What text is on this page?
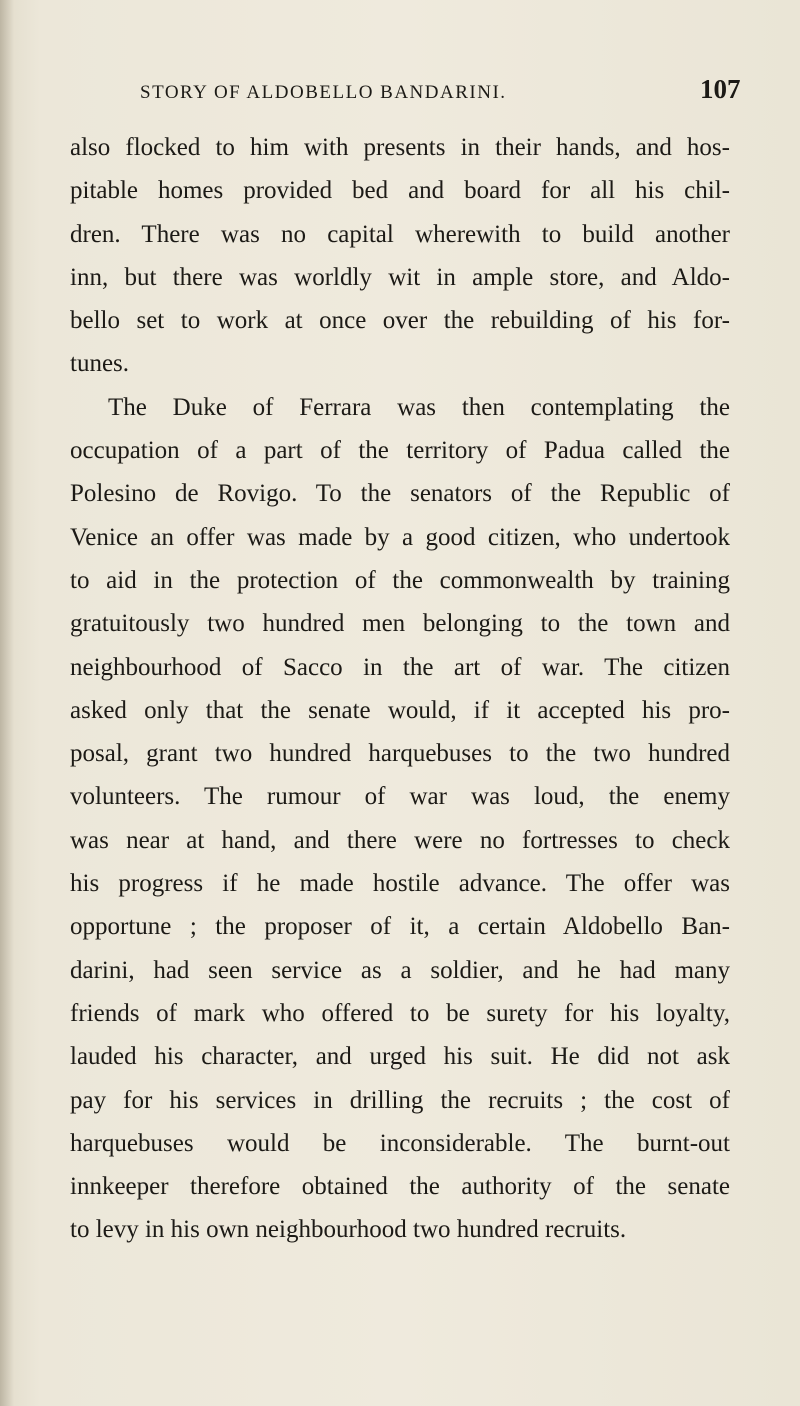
STORY OF ALDOBELLO BANDARINI.	107
also flocked to him with presents in their hands, and hos-
pitable homes provided bed and board for all his chil-
dren. There was no capital wherewith to build another
inn, but there was worldly wit in ample store, and Aldo-
bello set to work at once over the rebuilding of his for-
tunes.
The Duke of Ferrara was then contemplating the
occupation of a part of the territory of Padua called the
Polesino de Rovigo. To the senators of the Republic of
Venice an offer was made by a good citizen, who undertook
to aid in the protection of the commonwealth by training
gratuitously two hundred men belonging to the town and
neighbourhood of Sacco in the art of war. The citizen
asked only that the senate would, if it accepted his pro-
posal, grant two hundred harquebuses to the two hundred
volunteers. The rumour of war was loud, the enemy
was near at hand, and there were no fortresses to check
his progress if he made hostile advance. The offer was
opportune ; the proposer of it, a certain Aldobello Ban-
darini, had seen service as a soldier, and he had many
friends of mark who offered to be surety for his loyalty,
lauded his character, and urged his suit. He did not ask
pay for his services in drilling the recruits ; the cost of
harquebuses would be inconsiderable. The burnt-out
innkeeper therefore obtained the authority of the senate
to levy in his own neighbourhood two hundred recruits.
